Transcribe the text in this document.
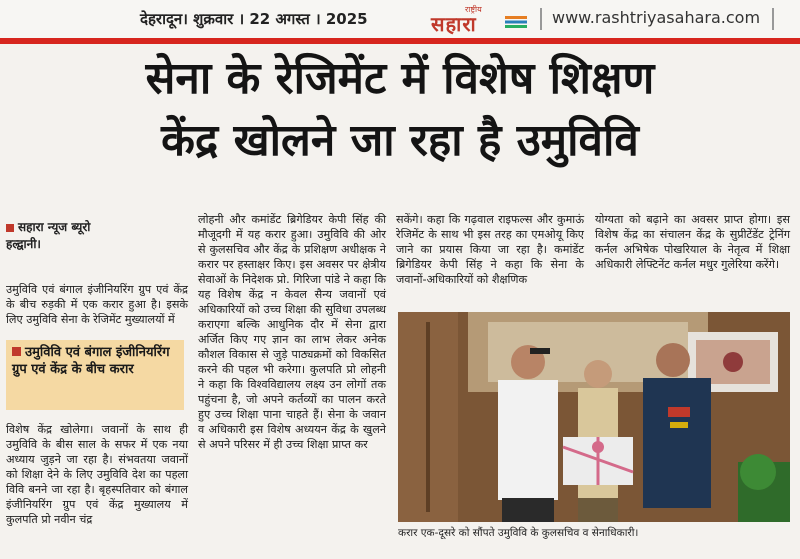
देहरादून। शुक्रवार । 22 अगस्त । 2025
राष्ट्रीय
सहारा	www.rashtriyasahara.com
सेना के रेजिमेंट में विशेष शिक्षण
केंद्र खोलने जा रहा है उमुविवि
सहारा न्यूज ब्यूरो
हल्द्वानी।
उमुविवि एवं बंगाल इंजीनियरिंग ग्रुप एवं केंद्र के बीच रुड़की में एक करार हुआ है। इसके लिए उमुविवि सेना के रेजिमेंट मुख्यालयों में
उमुविवि एवं बंगाल इंजीनियरिंग ग्रुप एवं केंद्र के बीच करार
विशेष केंद्र खोलेगा। जवानों के साथ ही उमुविवि के बीस साल के सफर में एक नया अध्याय जुड़ने जा रहा है। संभवतया जवानों को शिक्षा देने के लिए उमुविवि देश का पहला विवि बनने जा रहा है। बृहस्पतिवार को बंगाल इंजीनियरिंग ग्रुप एवं केंद्र मुख्यालय में कुलपति प्रो नवीन चंद्र
लोहनी और कमांडेंट ब्रिगेडियर केपी सिंह की मौजूदगी में यह करार हुआ। उमुविवि की ओर से कुलसचिव और केंद्र के प्रशिक्षण अधीक्षक ने करार पर हस्ताक्षर किए। इस अवसर पर क्षेत्रीय सेवाओं के निदेशक प्रो. गिरिजा पांडे ने कहा कि यह विशेष केंद्र न केवल सैन्य जवानों एवं अधिकारियों को उच्च शिक्षा की सुविधा उपलब्ध कराएगा बल्कि आधुनिक दौर में सेना द्वारा अर्जित किए गए ज्ञान का लाभ लेकर अनेक कौशल विकास से जुड़े पाठ्यक्रमों को विकसित करने की पहल भी करेगा। कुलपति प्रो लोहनी ने कहा कि विश्वविद्यालय लक्ष्य उन लोगों तक पहुंचना है, जो अपने कर्तव्यों का पालन करते हुए उच्च शिक्षा पाना चाहते हैं। सेना के जवान व अधिकारी इस विशेष अध्ययन केंद्र के खुलने से अपने परिसर में ही उच्च शिक्षा प्राप्त कर
सकेंगे। कहा कि गढ़वाल राइफल्स और कुमाऊं रेजिमेंट के साथ भी इस तरह का एमओयू किए जाने का प्रयास किया जा रहा है। कमांडेंट ब्रिगेडियर केपी सिंह ने कहा कि सेना के जवानों-अधिकारियों को शैक्षणिक
योग्यता को बढ़ाने का अवसर प्राप्त होगा। इस विशेष केंद्र का संचालन केंद्र के सुप्रीटेंडेंट ट्रेनिंग कर्नल अभिषेक पोखरियाल के नेतृत्व में शिक्षा अधिकारी लेफ्टिनेंट कर्नल मधुर गुलेरिया करेंगे।
करार एक-दूसरे को सौंपते उमुविवि के कुलसचिव व सेनाधिकारी।
